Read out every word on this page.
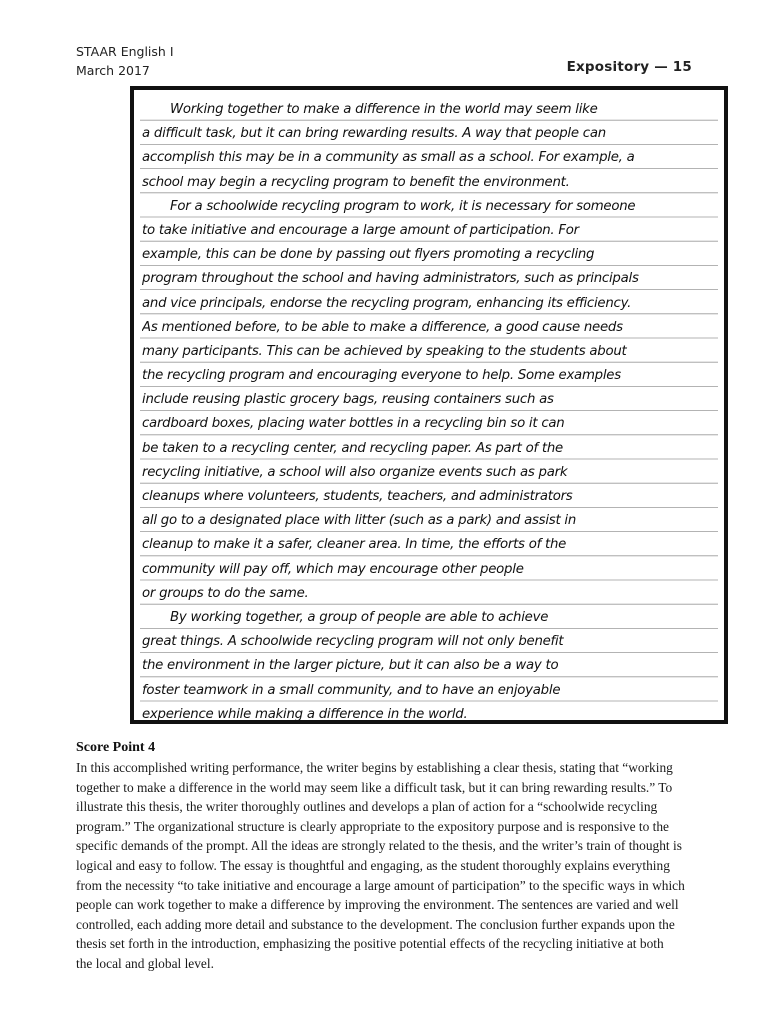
STAAR English I
March 2017	Expository — 15
Working together to make a difference in the world may seem like
a difficult task, but it can bring rewarding results. A way that people can
accomplish this may be in a community as small as a school. For example, a
school may begin a recycling program to benefit the environment.
For a schoolwide recycling program to work, it is necessary for someone
to take initiative and encourage a large amount of participation. For
example, this can be done by passing out flyers promoting a recycling
program throughout the school and having administrators, such as principals
and vice principals, endorse the recycling program, enhancing its efficiency.
As mentioned before, to be able to make a difference, a good cause needs
many participants. This can be achieved by speaking to the students about
the recycling program and encouraging everyone to help. Some examples
include reusing plastic grocery bags, reusing containers such as
cardboard boxes, placing water bottles in a recycling bin so it can
be taken to a recycling center, and recycling paper. As part of the
recycling initiative, a school will also organize events such as park
cleanups where volunteers, students, teachers, and administrators
all go to a designated place with litter (such as a park) and assist in
cleanup to make it a safer, cleaner area. In time, the efforts of the
community will pay off, which may encourage other people
or groups to do the same.
By working together, a group of people are able to achieve
great things. A schoolwide recycling program will not only benefit
the environment in the larger picture, but it can also be a way to
foster teamwork in a small community, and to have an enjoyable
experience while making a difference in the world.
Score Point 4
In this accomplished writing performance, the writer begins by establishing a clear thesis, stating that “working
together to make a difference in the world may seem like a difficult task, but it can bring rewarding results.” To
illustrate this thesis, the writer thoroughly outlines and develops a plan of action for a “schoolwide recycling
program.” The organizational structure is clearly appropriate to the expository purpose and is responsive to the
specific demands of the prompt. All the ideas are strongly related to the thesis, and the writer’s train of thought is
logical and easy to follow. The essay is thoughtful and engaging, as the student thoroughly explains everything
from the necessity “to take initiative and encourage a large amount of participation” to the specific ways in which
people can work together to make a difference by improving the environment. The sentences are varied and well
controlled, each adding more detail and substance to the development. The conclusion further expands upon the
thesis set forth in the introduction, emphasizing the positive potential effects of the recycling initiative at both
the local and global level.
